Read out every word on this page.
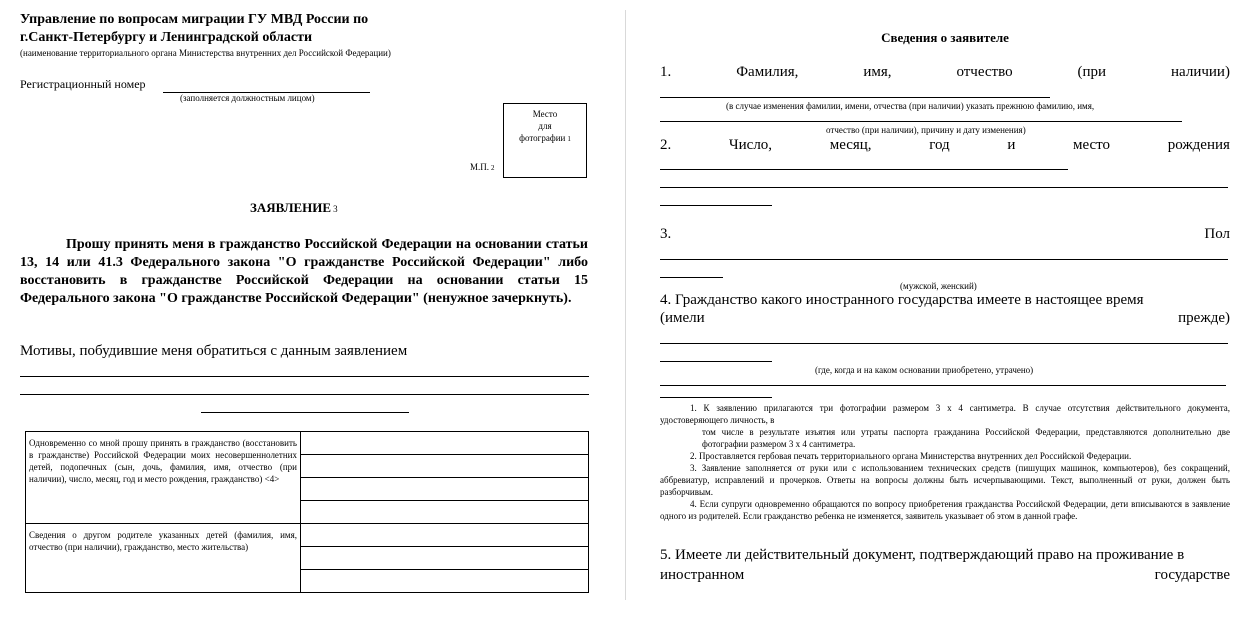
Управление по вопросам миграции ГУ МВД России по
г.Санкт-Петербургу и Ленинградской области
(наименование территориального органа Министерства внутренних дел Российской Федерации)
Регистрационный номер
(заполняется должностным лицом)
Место
для
фотографии 1
М.П. 2
ЗАЯВЛЕНИЕ 3
Прошу принять меня в гражданство Российской Федерации на основании статьи 13, 14 или 41.3 Федерального закона "О гражданстве Российской Федерации" либо восстановить в гражданстве Российской Федерации на основании статьи 15 Федерального закона "О гражданстве Российской Федерации" (ненужное зачеркнуть).
Мотивы, побудившие меня обратиться с данным заявлением
Одновременно со мной прошу принять в гражданство (восстановить в гражданстве) Российской Федерации моих несовершеннолетних детей, подопечных (сын, дочь, фамилия, имя, отчество (при наличии), число, месяц, год и место рождения, гражданство) <4>	

Сведения о другом родителе указанных детей (фамилия, имя, отчество (при наличии), гражданство, место жительства)	

Сведения о заявителе
1.	Фамилия,	имя,	отчество	(при	наличии)
(в случае изменения фамилии, имени, отчества (при наличии) указать прежнюю фамилию, имя,
отчество (при наличии), причину и дату изменения)
2.	Число,	месяц,	год	и	место	рождения
3.	Пол
(мужской, женский)
4. Гражданство какого иностранного государства имеете в настоящее время
(имели	прежде)
(где, когда и на каком основании приобретено, утрачено)

1. К заявлению прилагаются три фотографии размером 3 х 4 сантиметра. В случае отсутствия действительного документа, удостоверяющего личность, в

том числе в результате изъятия или утраты паспорта гражданина Российской Федерации, представляются дополнительно две фотографии размером 3 х 4 сантиметра.

2. Проставляется гербовая печать территориального органа Министерства внутренних дел Российской Федерации.

3. Заявление заполняется от руки или с использованием технических средств (пишущих машинок, компьютеров), без сокращений, аббревиатур, исправлений и прочерков. Ответы на вопросы должны быть исчерпывающими. Текст, выполненный от руки, должен быть разборчивым.

4. Если супруги одновременно обращаются по вопросу приобретения гражданства Российской Федерации, дети вписываются в заявление одного из родителей. Если гражданство ребенка не изменяется, заявитель указывает об этом в данной графе.

5. Имеете ли действительный документ, подтверждающий право на проживание в
иностранном	государстве
